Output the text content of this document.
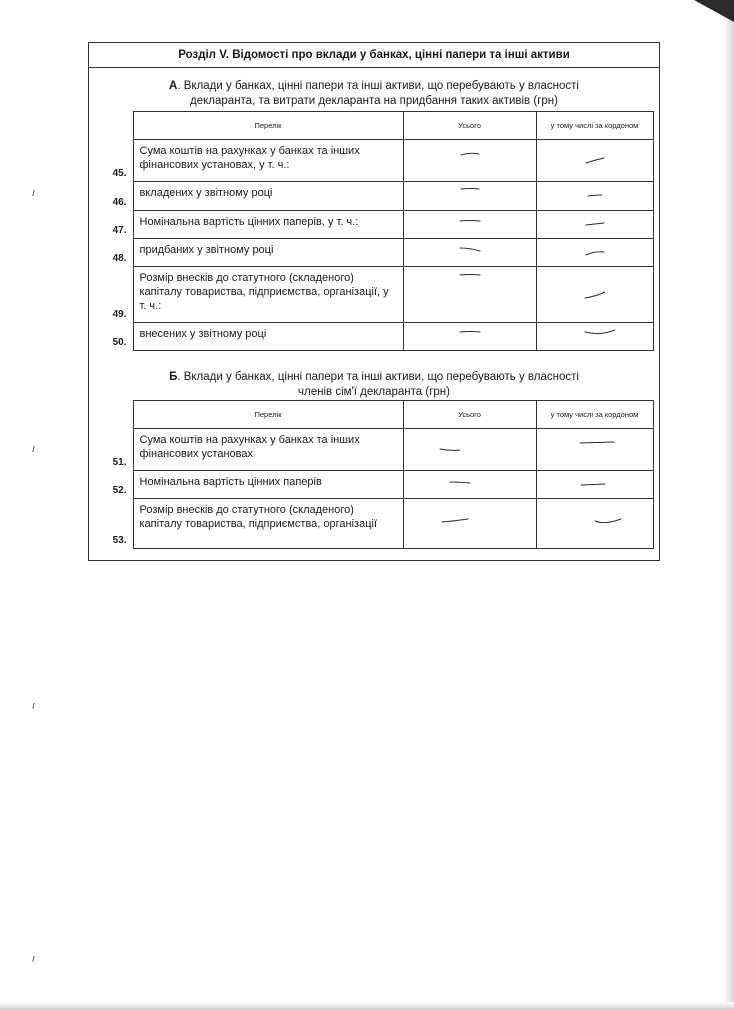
Розділ V. Відомості про вклади у банках, цінні папери та інші активи
А. Вклади у банках, цінні папери та інші активи, що перебувають у власності
декларанта, та витрати декларанта на придбання таких активів (грн)
	Перелік	Усього	у тому числі за кордоном
45.	Сума коштів на рахунках у банках та інших фінансових установах, у т. ч.:	

46.	вкладених у звітному році	

47.	Номінальна вартість цінних паперів, у т. ч.:	

48.	придбаних у звітному році	

49.	Розмір внесків до статутного (складеного) капіталу товариства, підприємства, організації, у т. ч.:	

50.	внесених у звітному році	

Б. Вклади у банках, цінні папери та інші активи, що перебувають у власності
членів сім'ї декларанта (грн)
	Перелік	Усього	у тому числі за кордоном
51.	Сума коштів на рахунках у банках та інших фінансових установах	

52.	Номінальна вартість цінних паперів	

53.	Розмір внесків до статутного (складеного) капіталу товариства, підприємства, організації	
